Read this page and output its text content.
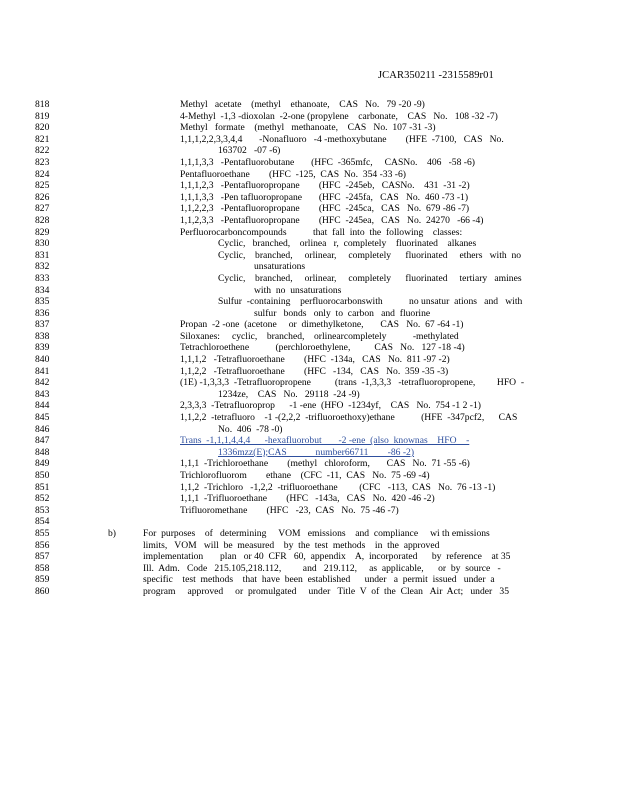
JCAR350211 -2315589r01
818	Methyl   acetate    (methyl    ethanoate,    CAS   No.   79 -20 -9)
819	4-Methyl  -1,3 -dioxolan  -2-one (propylene    carbonate,    CAS   No.   108 -32 -7)
820	Methyl   formate    (methyl   methanoate,    CAS   No.  107 -31 -3)
821	1,1,1,2,2,3,3,4,4       -Nonafluoro   -4 -methoxybutane        (HFE  -7100,   CAS   No.
822	163702   -07 -6)
823	1,1,1,3,3   -Pentafluorobutane       (HFC  -365mfc,     CASNo.    406   -58 -6)
824	Pentafluoroethane        (HFC  -125,  CAS  No.  354 -33 -6)
825	1,1,1,2,3   -Pentafluoropropane        (HFC  -245eb,   CASNo.    431  -31 -2)
826	1,1,1,3,3   -Pen tafluoropropane       (HFC  -245fa,   CAS   No.  460 -73 -1)
827	1,1,2,2,3   -Pentafluoropropane        (HFC  -245ca,   CAS   No.  679 -86 -7)
828	1,1,2,3,3   -Pentafluoropropane        (HFC  -245ea,   CAS   No.  24270   -66 -4)
829	Perfluorocarboncompounds           that  fall  into  the  following    classes:
830	Cyclic,   branched,    orlinea   r,  completely    fluorinated    alkanes
831	Cyclic,    branched,     orlinear,     completely      fluorinated     ethers   with  no
832	unsaturations
833	Cyclic,    branched,     orlinear,     completely      fluorinated     tertiary   amines
834	with  no  unsaturations
835	Sulfur  -containing    perfluorocarbonswith           no unsatur  ations   and   with
836	sulfur   bonds   only  to  carbon   and  fluorine
837	Propan  -2 -one  (acetone     or  dimethylketone,       CAS   No.  67 -64 -1)
838	Siloxanes:     cyclic,    branched,    orlinearcompletely           -methylated
839	Tetrachloroethene           (perchloroethylene,          CAS   No.   127 -18 -4)
840	1,1,1,2   -Tetrafluoroethane        (HFC  -134a,   CAS   No.  811 -97 -2)
841	1,1,2,2   -Tetrafluoroethane        (HFC   -134,   CAS   No.  359 -35 -3)
842	(1E) -1,3,3,3  -Tetrafluoropropene          (trans  -1,3,3,3   -tetrafluoropropene,         HFO  -
843	1234ze,    CAS   No.   29118  -24 -9)
844	2,3,3,3  -Tetrafluoroprop      -1 -ene  (HFO  -1234yf,    CAS   No.  754 -1 2 -1)
845	1,1,2,2  -tetrafluoro    -1 -(2,2,2  -trifluoroethoxy)ethane           (HFE  -347pcf2,      CAS
846	No.  406  -78 -0)
847	Trans  -1,1,1,4,4,4      -hexafluorobut       -2 -ene  (also  knownas    HFO    -
848	1336mzz(E);CAS            number66711        -86 -2)
849	1,1,1  -Trichloroethane        (methyl   chloroform,       CAS   No.  71 -55 -6)
850	Trichlorofluorom        ethane    (CFC  -11,  CAS   No.  75 -69 -4)
851	1,1,2  -Trichloro   -1,2,2  -trifluoroethane         (CFC   -113,  CAS   No.  76 -13 -1)
852	1,1,1  -Trifluoroethane        (HFC   -143a,   CAS   No.  420 -46 -2)
853	Trifluoromethane        (HFC   -23,  CAS   No.  75 -46 -7)
854
855	b)	For  purposes    of   determining     VOM   emissions    and  compliance     wi th emissions
856	limits,   VOM   will  be  measured    by  the  test  methods    in  the  approved
857	implementation       plan   or 40  CFR   60,  appendix    A,  incorporated      by  reference    at 35
858	Ill.  Adm.   Code   215.105,218.112,         and   219.112,     as  applicable,      or  by  source   -
859	specific    test  methods    that  have  been  established      under   a  permit  issued   under  a
860	program     approved     or  promulgated     under   Title  V  of  the  Clean   Air  Act;   under   35
